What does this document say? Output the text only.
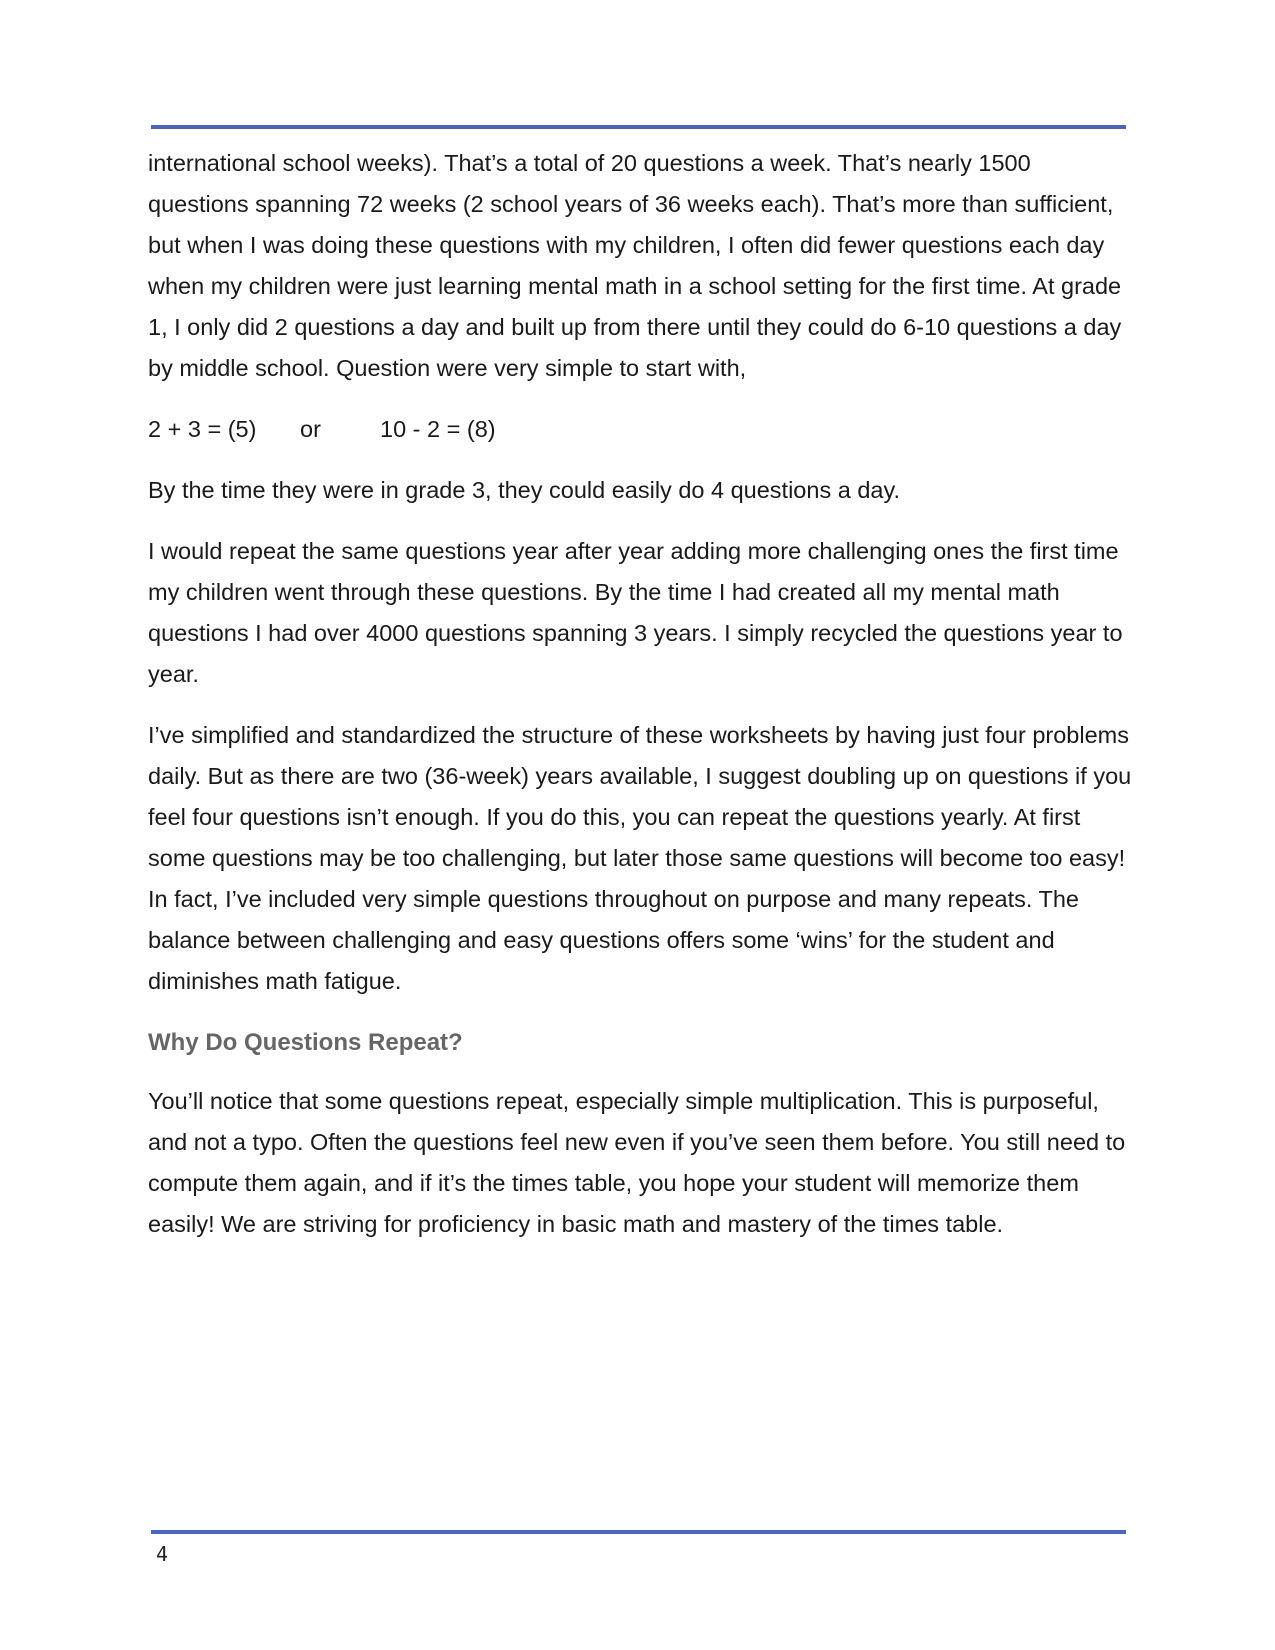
international school weeks). That’s a total of 20 questions a week. That’s nearly 1500 questions spanning 72 weeks (2 school years of 36 weeks each). That’s more than sufficient, but when I was doing these questions with my children, I often did fewer questions each day when my children were just learning mental math in a school setting for the first time. At grade 1, I only did 2 questions a day and built up from there until they could do 6-10 questions a day by middle school. Question were very simple to start with,

2 + 3 = (5)	or	10 - 2 = (8)

By the time they were in grade 3, they could easily do 4 questions a day.

I would repeat the same questions year after year adding more challenging ones the first time my children went through these questions. By the time I had created all my mental math questions I had over 4000 questions spanning 3 years. I simply recycled the questions year to year.

I’ve simplified and standardized the structure of these worksheets by having just four problems daily. But as there are two (36-week) years available, I suggest doubling up on questions if you feel four questions isn’t enough. If you do this, you can repeat the questions yearly. At first some questions may be too challenging, but later those same questions will become too easy! In fact, I’ve included very simple questions throughout on purpose and many repeats. The balance between challenging and easy questions offers some ‘wins’ for the student and diminishes math fatigue.

Why Do Questions Repeat?

You’ll notice that some questions repeat, especially simple multiplication. This is purposeful, and not a typo. Often the questions feel new even if you’ve seen them before. You still need to compute them again, and if it’s the times table, you hope your student will memorize them easily! We are striving for proficiency in basic math and mastery of the times table.

4
